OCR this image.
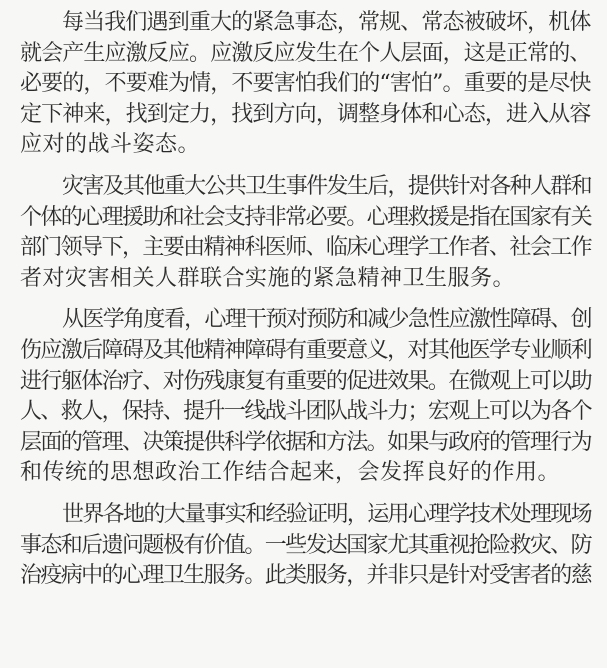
每当我们遇到重大的紧急事态，常规、常态被破坏，机体
就会产生应激反应。应激反应发生在个人层面，这是正常的、
必要的，不要难为情，不要害怕我们的“害怕”。重要的是尽快
定下神来，找到定力，找到方向，调整身体和心态，进入从容
应对的战斗姿态。
灾害及其他重大公共卫生事件发生后，提供针对各种人群和
个体的心理援助和社会支持非常必要。心理救援是指在国家有关
部门领导下，主要由精神科医师、临床心理学工作者、社会工作
者对灾害相关人群联合实施的紧急精神卫生服务。
从医学角度看，心理干预对预防和减少急性应激性障碍、创
伤应激后障碍及其他精神障碍有重要意义，对其他医学专业顺利
进行躯体治疗、对伤残康复有重要的促进效果。在微观上可以助
人、救人，保持、提升一线战斗团队战斗力；宏观上可以为各个
层面的管理、决策提供科学依据和方法。如果与政府的管理行为
和传统的思想政治工作结合起来，会发挥良好的作用。
世界各地的大量事实和经验证明，运用心理学技术处理现场
事态和后遗问题极有价值。一些发达国家尤其重视抢险救灾、防
治疫病中的心理卫生服务。此类服务，并非只是针对受害者的慈
